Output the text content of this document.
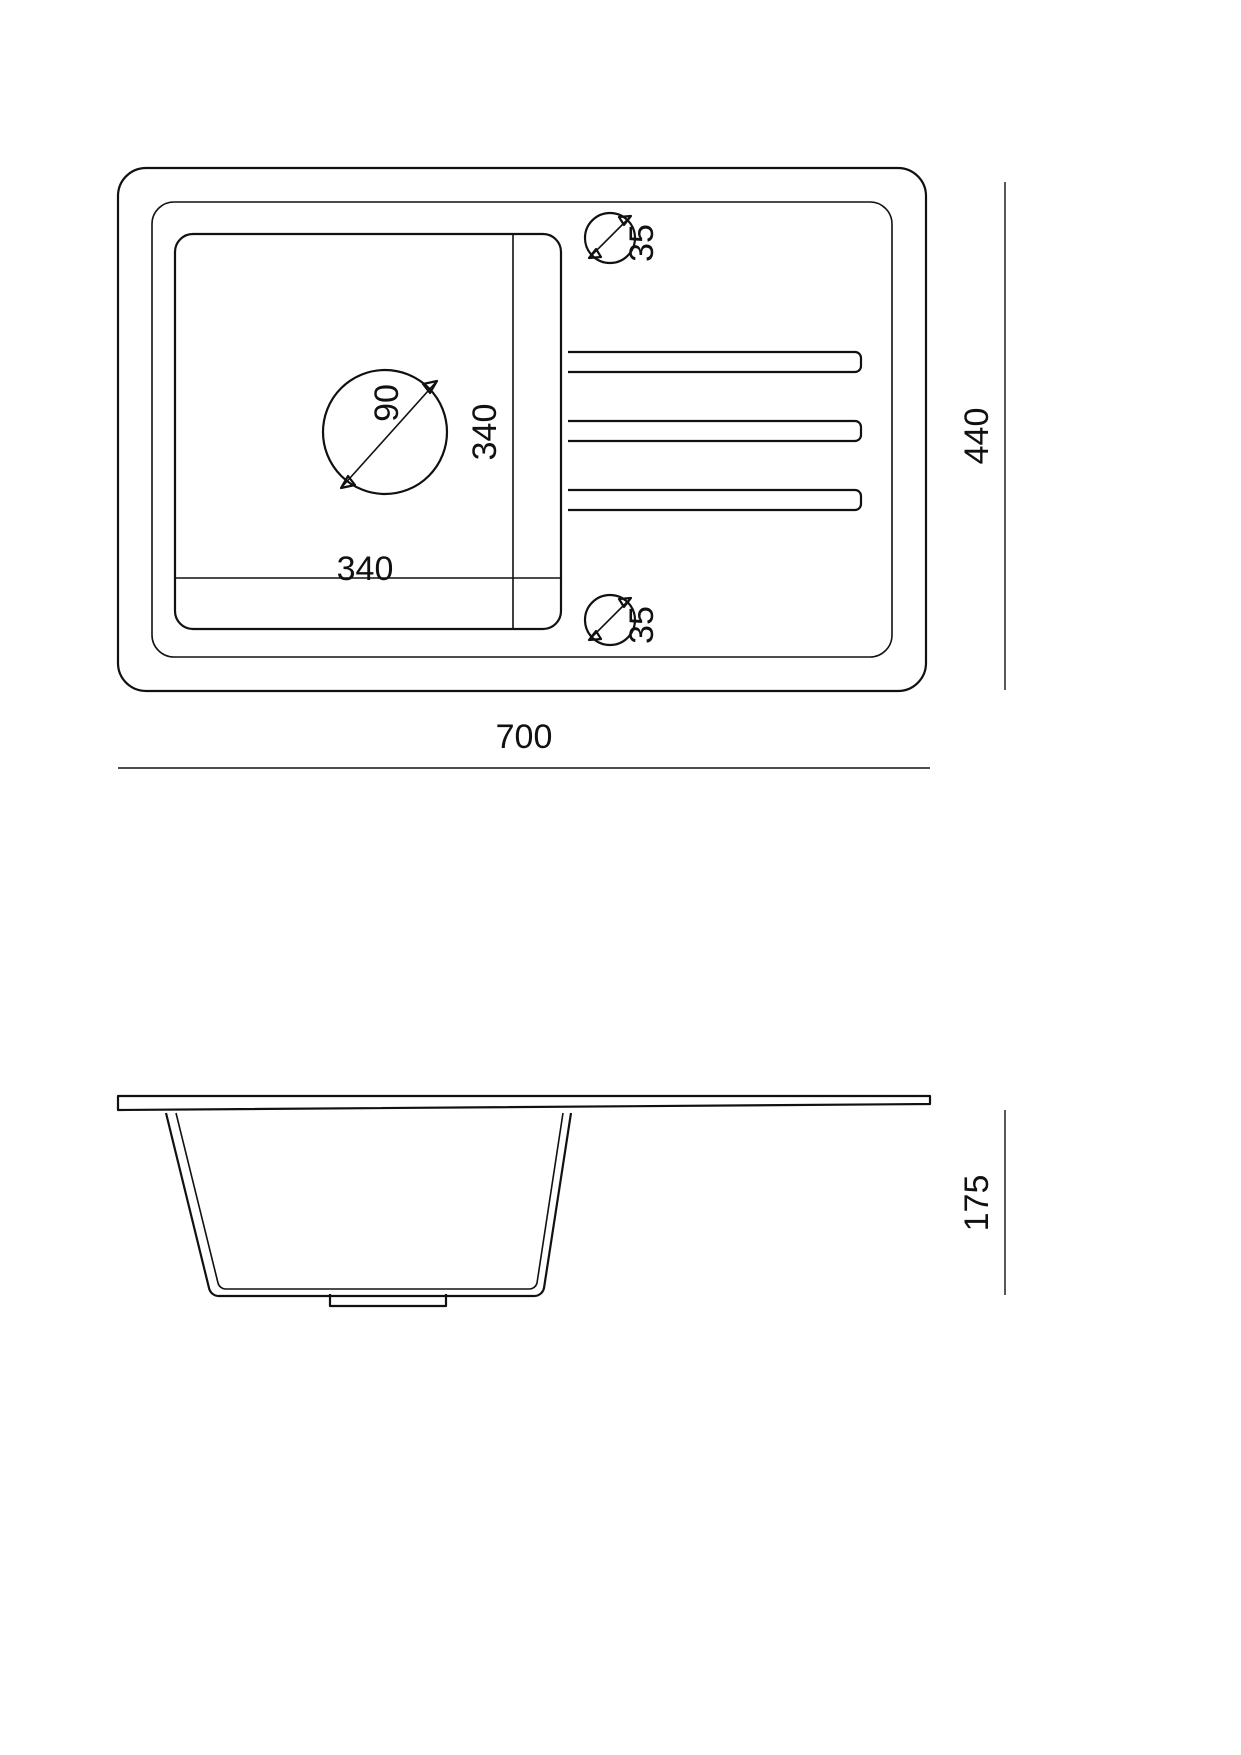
90
35
35
340
340
700
440
175
